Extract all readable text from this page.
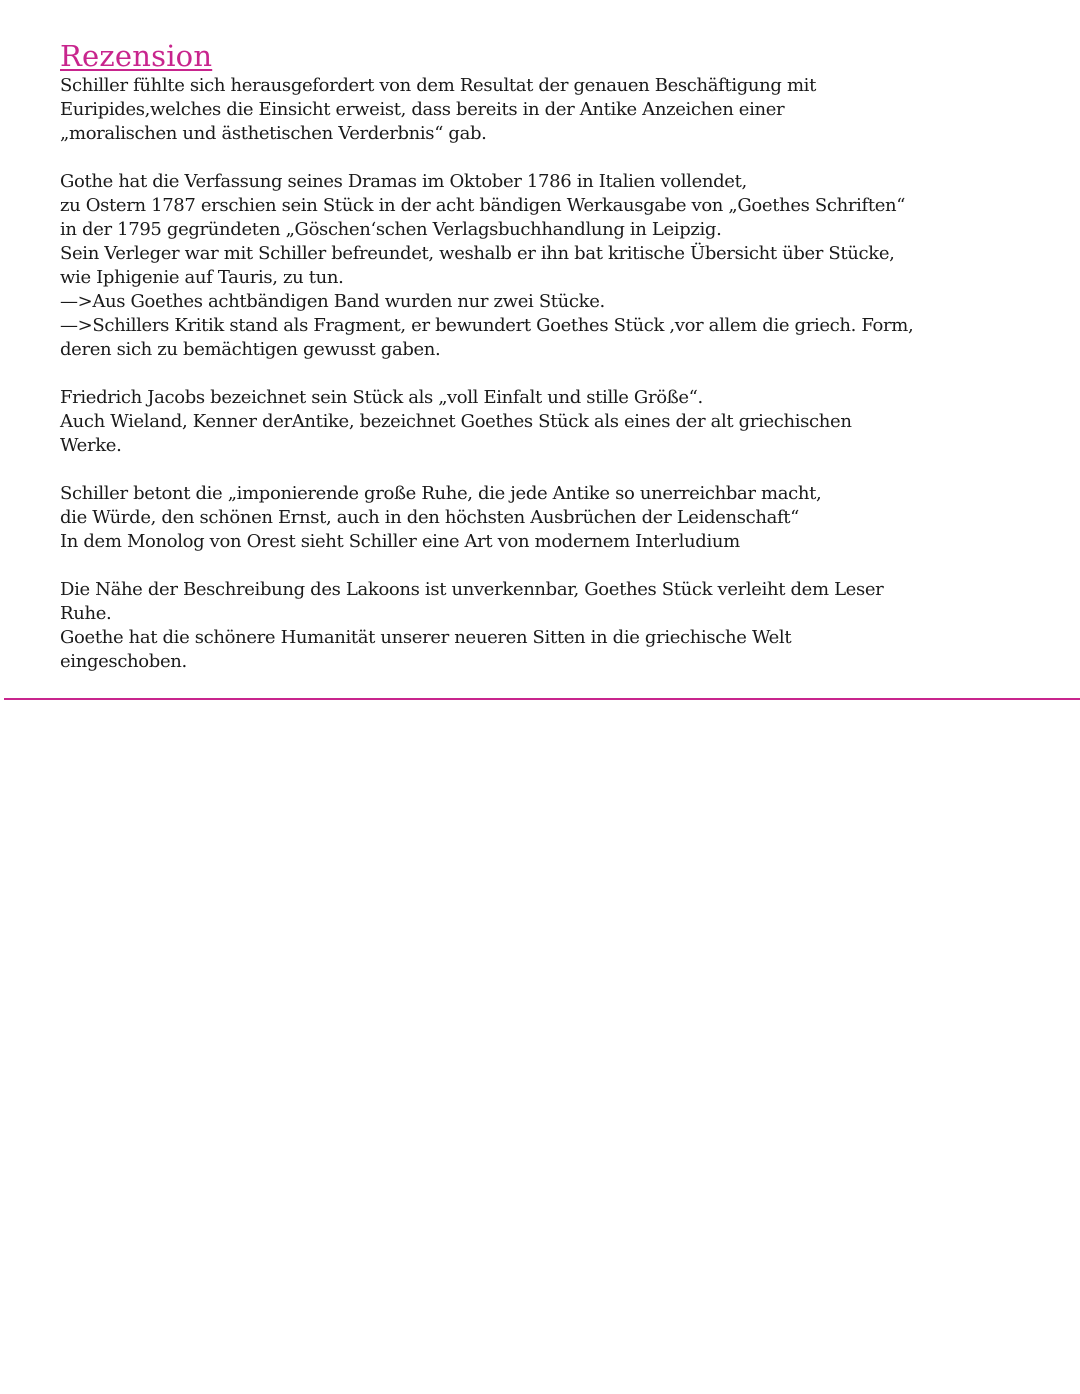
Rezension
Schiller fühlte sich herausgefordert von dem Resultat der genauen Beschäftigung mit
Euripides,welches die Einsicht erweist, dass bereits in der Antike Anzeichen einer
„moralischen und ästhetischen Verderbnis“ gab.
Gothe hat die Verfassung seines Dramas im Oktober 1786 in Italien vollendet,
zu Ostern 1787 erschien sein Stück in der acht bändigen Werkausgabe von „Goethes Schriften“
in der 1795 gegründeten „Göschen‘schen Verlagsbuchhandlung in Leipzig.
Sein Verleger war mit Schiller befreundet, weshalb er ihn bat kritische Übersicht über Stücke,
wie Iphigenie auf Tauris, zu tun.
—>Aus Goethes achtbändigen Band wurden nur zwei Stücke.
—>Schillers Kritik stand als Fragment, er bewundert Goethes Stück ,vor allem die griech. Form,
deren sich zu bemächtigen gewusst gaben.
Friedrich Jacobs bezeichnet sein Stück als „voll Einfalt und stille Größe“.
Auch Wieland, Kenner derAntike, bezeichnet Goethes Stück als eines der alt griechischen
Werke.
Schiller betont die „imponierende große Ruhe, die jede Antike so unerreichbar macht,
die Würde, den schönen Ernst, auch in den höchsten Ausbrüchen der Leidenschaft“
In dem Monolog von Orest sieht Schiller eine Art von modernem Interludium
Die Nähe der Beschreibung des Lakoons ist unverkennbar, Goethes Stück verleiht dem Leser
Ruhe.
Goethe hat die schönere Humanität unserer neueren Sitten in die griechische Welt
eingeschoben.
